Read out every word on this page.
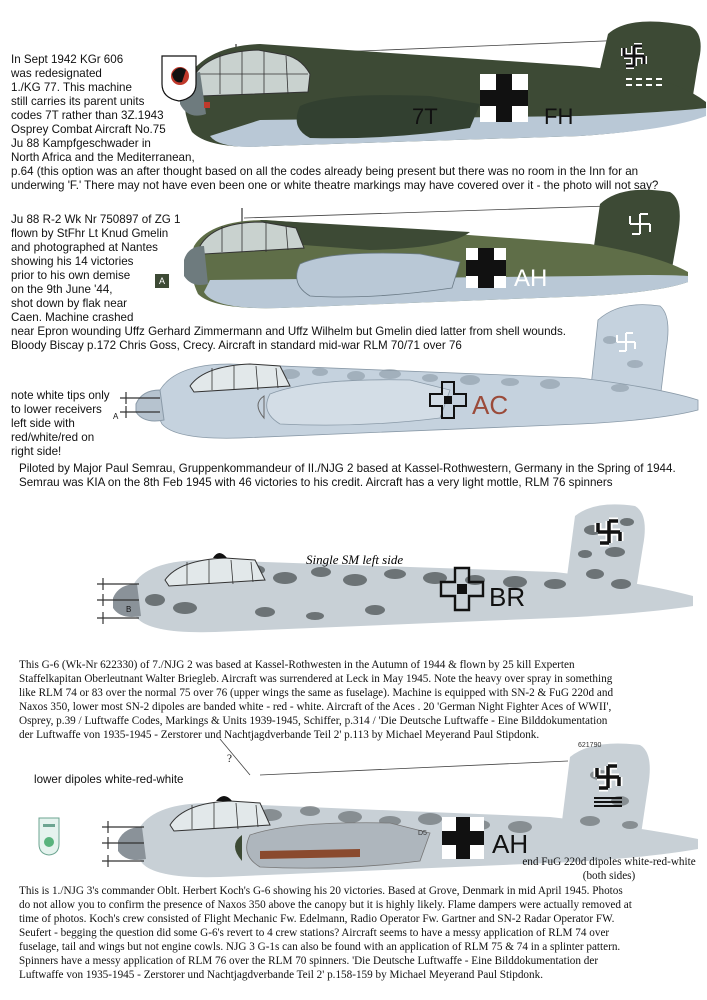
7T	FH
In Sept 1942 KGr 606
was redesignated
1./KG 77. This machine
still carries its parent units
codes 7T rather than 3Z.1943
Osprey Combat Aircraft No.75
Ju 88 Kampfgeschwader in
North Africa and the Mediterranean,
p.64 (this option was an after thought based on all the codes already being present but there was no room in the Inn for an
underwing 'F.' There may not have even been one or white theatre markings may have covered over it - the photo will not say?
AH
A
Ju 88 R-2 Wk Nr 750897 of ZG 1
flown by StFhr Lt Knud Gmelin
and photographed at Nantes
showing his 14 victories
prior to his own demise
on the 9th June '44,
shot down by flak near
Caen. Machine crashed
near Epron wounding Uffz Gerhard Zimmermann and Uffz Wilhelm but Gmelin died latter from shell wounds.
Bloody Biscay p.172 Chris Goss, Crecy. Aircraft in standard mid-war RLM 70/71 over 76
AC
A
note white tips only
to lower receivers
left side with
red/white/red on
right side!
Piloted by Major Paul Semrau, Gruppenkommandeur of II./NJG 2 based at Kassel-Rothwestern, Germany in the Spring of 1944.
Semrau was KIA on the 8th Feb 1945 with 46 victories to his credit. Aircraft has a very light mottle, RLM 76 spinners
BR
Single SM left side
B
This G-6 (Wk-Nr 622330) of 7./NJG 2 was based at Kassel-Rothwesten in the Autumn of 1944 & flown by 25 kill Experten
Staffelkapitan Oberleutnant Walter Briegleb. Aircraft was surrendered at Leck in May 1945. Note the heavy over spray in something
like RLM 74 or 83 over the normal 75 over 76 (upper wings the same as fuselage). Machine is equipped with SN-2 & FuG 220d and
Naxos 350, lower most SN-2 dipoles are banded white - red - white. Aircraft of the Aces . 20 'German Night Fighter Aces of WWII',
Osprey, p.39 / Luftwaffe Codes, Markings & Units 1939-1945, Schiffer, p.314 / 'Die Deutsche Luftwaffe - Eine Bilddokumentation
der Luftwaffe von 1935-1945 - Zerstorer und Nachtjagdverbande Teil 2' p.113 by Michael Meyerand Paul Stipdonk.
AH
D5
621790
lower dipoles white-red-white
?
end FuG 220d dipoles white-red-white
(both sides)
This is 1./NJG 3's commander Oblt. Herbert Koch's G-6 showing his 20 victories. Based at Grove, Denmark in mid April 1945. Photos
do not allow you to confirm the presence of Naxos 350 above the canopy but it is highly likely. Flame dampers were actually removed at
time of photos. Koch's crew consisted of Flight Mechanic Fw. Edelmann, Radio Operator Fw. Gartner and SN-2 Radar Operator FW.
Seufert - begging the question did some G-6's revert to 4 crew stations? Aircraft seems to have a messy application of RLM 74 over
fuselage, tail and wings but not engine cowls. NJG 3 G-1s can also be found with an application of RLM 75 & 74 in a splinter pattern.
Spinners have a messy application of RLM 76 over the RLM 70 spinners. 'Die Deutsche Luftwaffe - Eine Bilddokumentation der
Luftwaffe von 1935-1945 - Zerstorer und Nachtjagdverbande Teil 2' p.158-159 by Michael Meyerand Paul Stipdonk.
